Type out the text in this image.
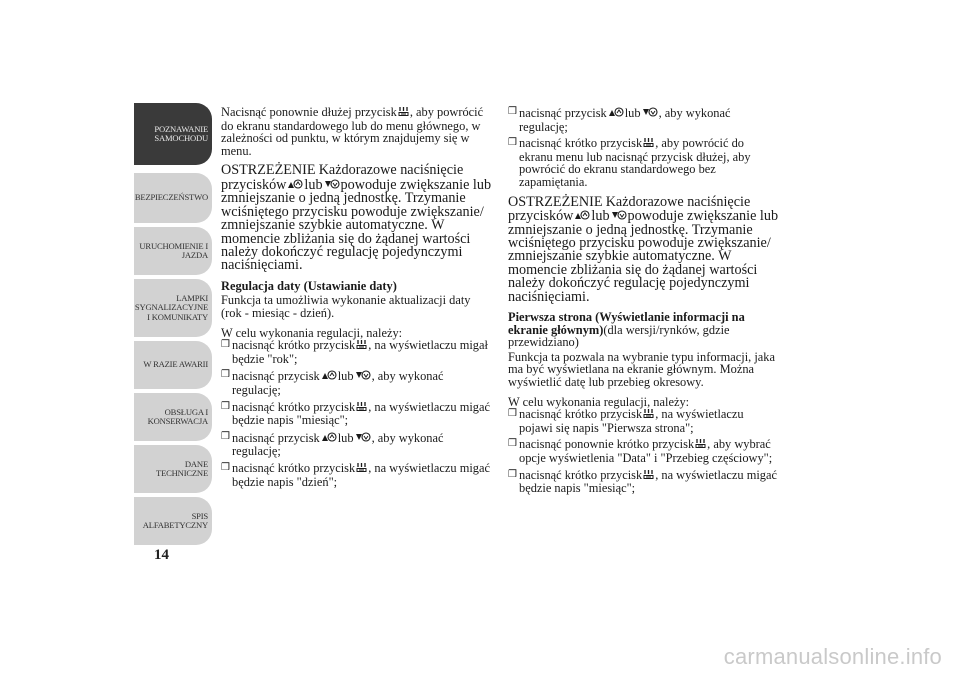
POZNAWANIE
SAMOCHODU
BEZPIECZEŃSTWO
URUCHOMIENIE I
JAZDA
LAMPKI
SYGNALIZACYJNE
I KOMUNIKATY
W RAZIE AWARII
OBSŁUGA I
KONSERWACJA
DANE
TECHNICZNE
SPIS
ALFABETYCZNY
14

Nacisnąć ponownie dłużej przycisk , aby powrócić do ekranu standardowego lub do menu głównego, w zależności od punktu, w którym znajdujemy się w menu.

OSTRZEŻENIE Każdorazowe naciśnięcie przycisków lub powoduje zwiększanie lub zmniejszanie o jedną jednostkę. Trzymanie wciśniętego przycisku powoduje zwiększanie/ zmniejszanie szybkie automatyczne. W momencie zbliżania się do żądanej wartości należy dokończyć regulację pojedynczymi naciśnięciami.

Regulacja daty (Ustawianie daty)

Funkcja ta umożliwia wykonanie aktualizacji daty (rok - miesiąc - dzień).

W celu wykonania regulacji, należy:

❒ nacisnąć krótko przycisk , na wyświetlaczu migał będzie "rok";
❒ nacisnąć przycisk lub , aby wykonać regulację;
❒ nacisnąć krótko przycisk , na wyświetlaczu migać będzie napis "miesiąc";
❒ nacisnąć przycisk lub , aby wykonać regulację;
❒ nacisnąć krótko przycisk , na wyświetlaczu migać będzie napis "dzień";
❒ nacisnąć przycisk lub , aby wykonać regulację;
❒ nacisnąć krótko przycisk , aby powrócić do ekranu menu lub nacisnąć przycisk dłużej, aby powrócić do ekranu standardowego bez zapamiętania.

OSTRZEŻENIE Każdorazowe naciśnięcie przycisków lub powoduje zwiększanie lub zmniejszanie o jedną jednostkę. Trzymanie wciśniętego przycisku powoduje zwiększanie/ zmniejszanie szybkie automatyczne. W momencie zbliżania się do żądanej wartości należy dokończyć regulację pojedynczymi naciśnięciami.

Pierwsza strona (Wyświetlanie informacji na ekranie głównym)(dla wersji/rynków, gdzie przewidziano)

Funkcja ta pozwala na wybranie typu informacji, jaka ma być wyświetlana na ekranie głównym. Można wyświetlić datę lub przebieg okresowy.

W celu wykonania regulacji, należy:

❒ nacisnąć krótko przycisk , na wyświetlaczu pojawi się napis "Pierwsza strona";
❒ nacisnąć ponownie krótko przycisk , aby wybrać opcje wyświetlenia "Data" i "Przebieg częściowy";
❒ nacisnąć krótko przycisk , na wyświetlaczu migać będzie napis "miesiąc";
carmanualsonline.info
